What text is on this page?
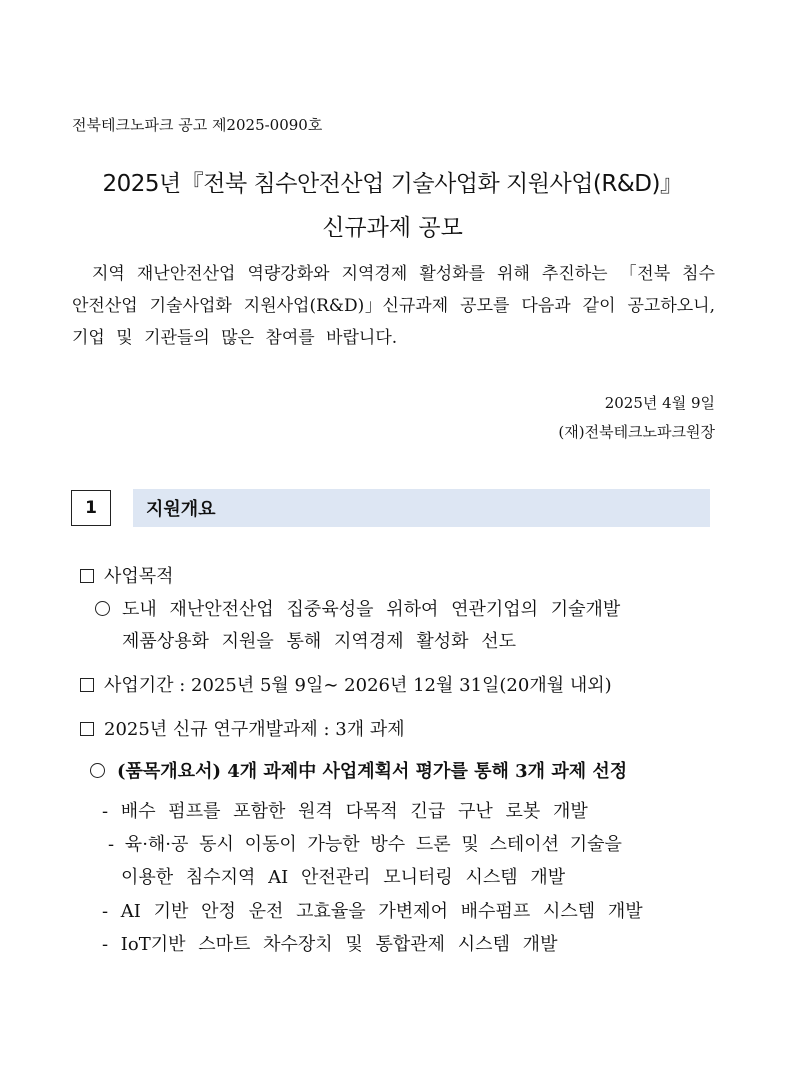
전북테크노파크 공고 제2025-0090호
2025년『전북 침수안전산업 기술사업화 지원사업(R&D)』
신규과제 공모
지역 재난안전산업 역량강화와 지역경제 활성화를 위해 추진하는 「전북 침수안전산업 기술사업화 지원사업(R&D)」신규과제 공모를 다음과 같이 공고하오니, 기업 및 기관들의 많은 참여를 바랍니다.
2025년 4월 9일
(재)전북테크노파크원장
1	지원개요
사업목적
도내 재난안전산업 집중육성을 위하여 연관기업의 기술개발
제품상용화 지원을 통해 지역경제 활성화 선도
사업기간 : 2025년 5월 9일∼ 2026년 12월 31일(20개월 내외)
2025년 신규 연구개발과제 : 3개 과제
(품목개요서) 4개 과제中 사업계획서 평가를 통해 3개 과제 선정
- 배수 펌프를 포함한 원격 다목적 긴급 구난 로봇 개발
- 육·해·공 동시 이동이 가능한 방수 드론 및 스테이션 기술을
이용한 침수지역 AI 안전관리 모니터링 시스템 개발
- AI 기반 안정 운전 고효율을 가변제어 배수펌프 시스템 개발
- IoT기반 스마트 차수장치 및 통합관제 시스템 개발
